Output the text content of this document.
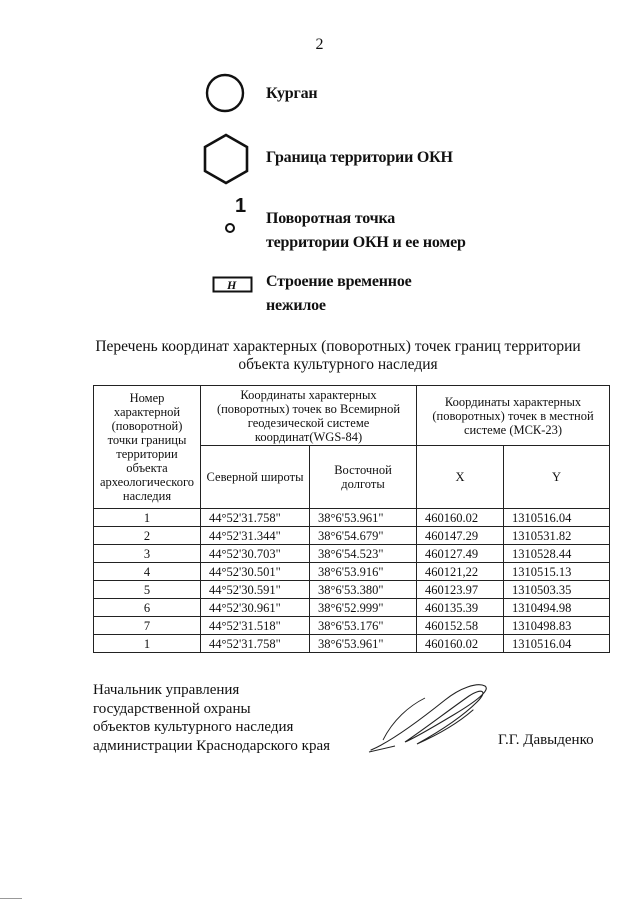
2
Курган
Граница территории ОКН
1
Поворотная точка
территории ОКН и ее номер
Н Строение временное
нежилое
Перечень координат характерных (поворотных) точек границ территории
объекта культурного наследия
Номер характерной (поворотной) точки границы территории объекта археологического наследия	Координаты характерных (поворотных) точек во Всемирной геодезической системе координат(WGS-84)		Координаты характерных (поворотных) точек в местной системе (МСК-23)	
	Северной широты	Восточной долготы	X	Y
1	44°52'31.758"	38°6'53.961"	460160.02	1310516.04
2	44°52'31.344"	38°6'54.679"	460147.29	1310531.82
3	44°52'30.703"	38°6'54.523"	460127.49	1310528.44
4	44°52'30.501"	38°6'53.916"	460121,22	1310515.13
5	44°52'30.591"	38°6'53.380"	460123.97	1310503.35
6	44°52'30.961"	38°6'52.999"	460135.39	1310494.98
7	44°52'31.518"	38°6'53.176"	460152.58	1310498.83
1	44°52'31.758"	38°6'53.961"	460160.02	1310516.04
Начальник управления
государственной охраны
объектов культурного наследия
администрации Краснодарского края	Г.Г. Давыденко
